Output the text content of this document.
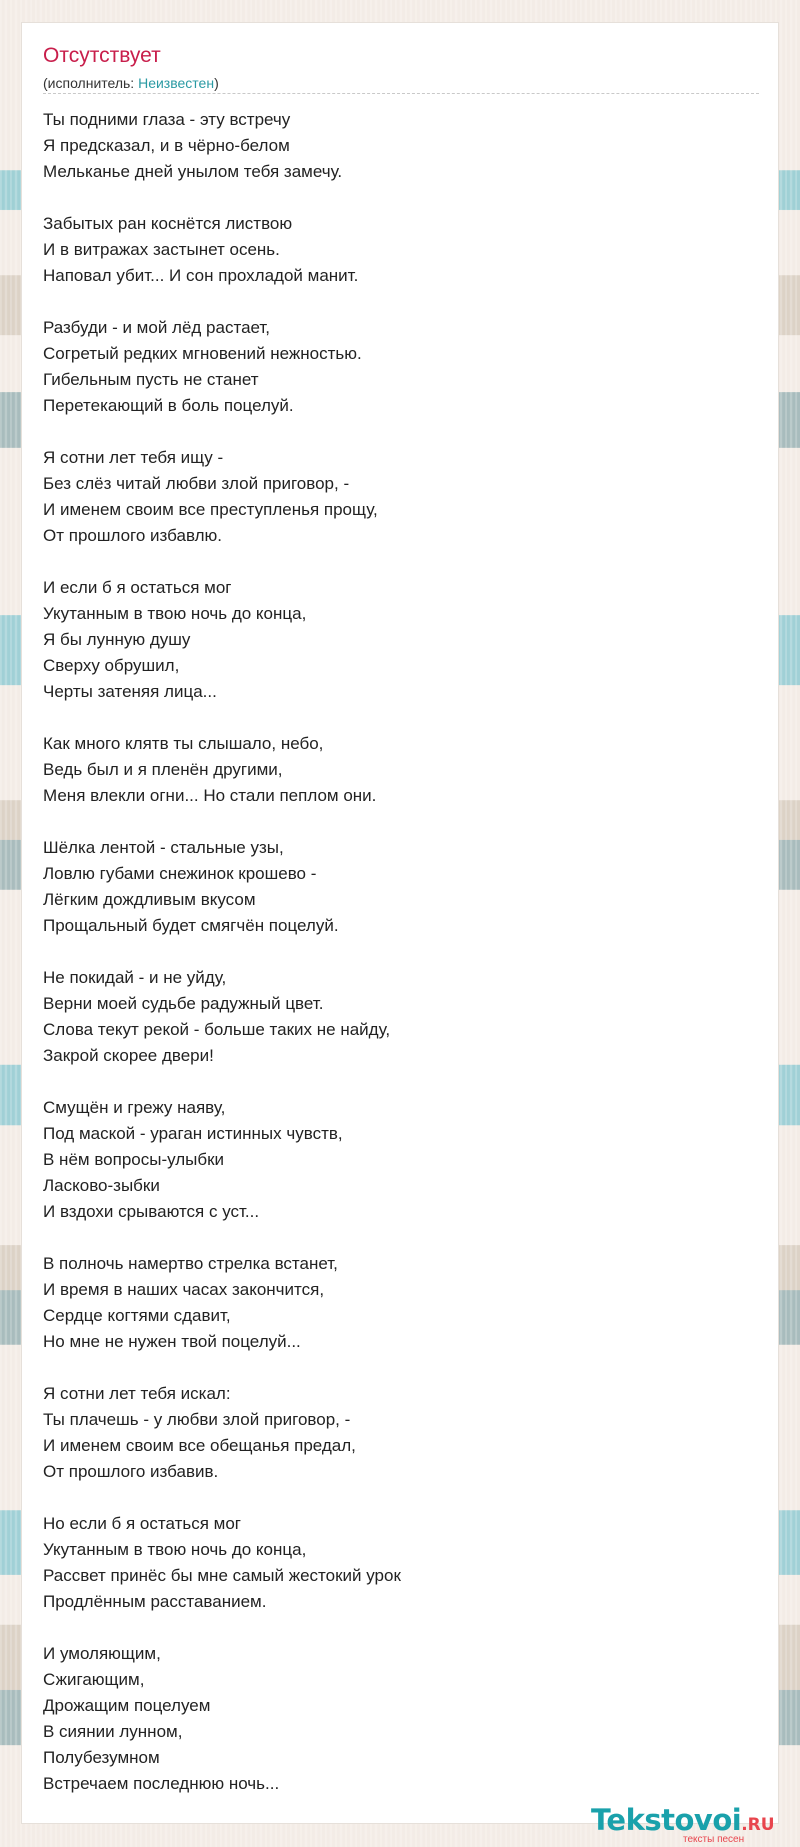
Отсутствует
(исполнитель: Неизвестен)
Ты подними глаза - эту встречу
Я предсказал, и в чёрно-белом
Мельканье дней унылом тебя замечу.
Забытых ран коснётся листвою
И в витражах застынет осень.
Наповал убит... И сон прохладой манит.
Разбуди - и мой лёд растает,
Согретый редких мгновений нежностью.
Гибельным пусть не станет
Перетекающий в боль поцелуй.
Я сотни лет тебя ищу -
Без слёз читай любви злой приговор, -
И именем своим все преступленья прощу,
От прошлого избавлю.
И если б я остаться мог
Укутанным в твою ночь до конца,
Я бы лунную душу
Сверху обрушил,
Черты затеняя лица...
Как много клятв ты слышало, небо,
Ведь был и я пленён другими,
Меня влекли огни... Но стали пеплом они.
Шёлка лентой - стальные узы,
Ловлю губами снежинок крошево -
Лёгким дождливым вкусом
Прощальный будет смягчён поцелуй.
Не покидай - и не уйду,
Верни моей судьбе радужный цвет.
Слова текут рекой - больше таких не найду,
Закрой скорее двери!
Смущён и грежу наяву,
Под маской - ураган истинных чувств,
В нём вопросы-улыбки
Ласково-зыбки
И вздохи срываются с уст...
В полночь намертво стрелка встанет,
И время в наших часах закончится,
Сердце когтями сдавит,
Но мне не нужен твой поцелуй...
Я сотни лет тебя искал:
Ты плачешь - у любви злой приговор, -
И именем своим все обещанья предал,
От прошлого избавив.
Но если б я остаться мог
Укутанным в твою ночь до конца,
Рассвет принёс бы мне самый жестокий урок
Продлённым расставанием.
И умоляющим,
Сжигающим,
Дрожащим поцелуем
В сиянии лунном,
Полубезумном
Встречаем последнюю ночь...
Tekstovoi.RU
тексты песен
